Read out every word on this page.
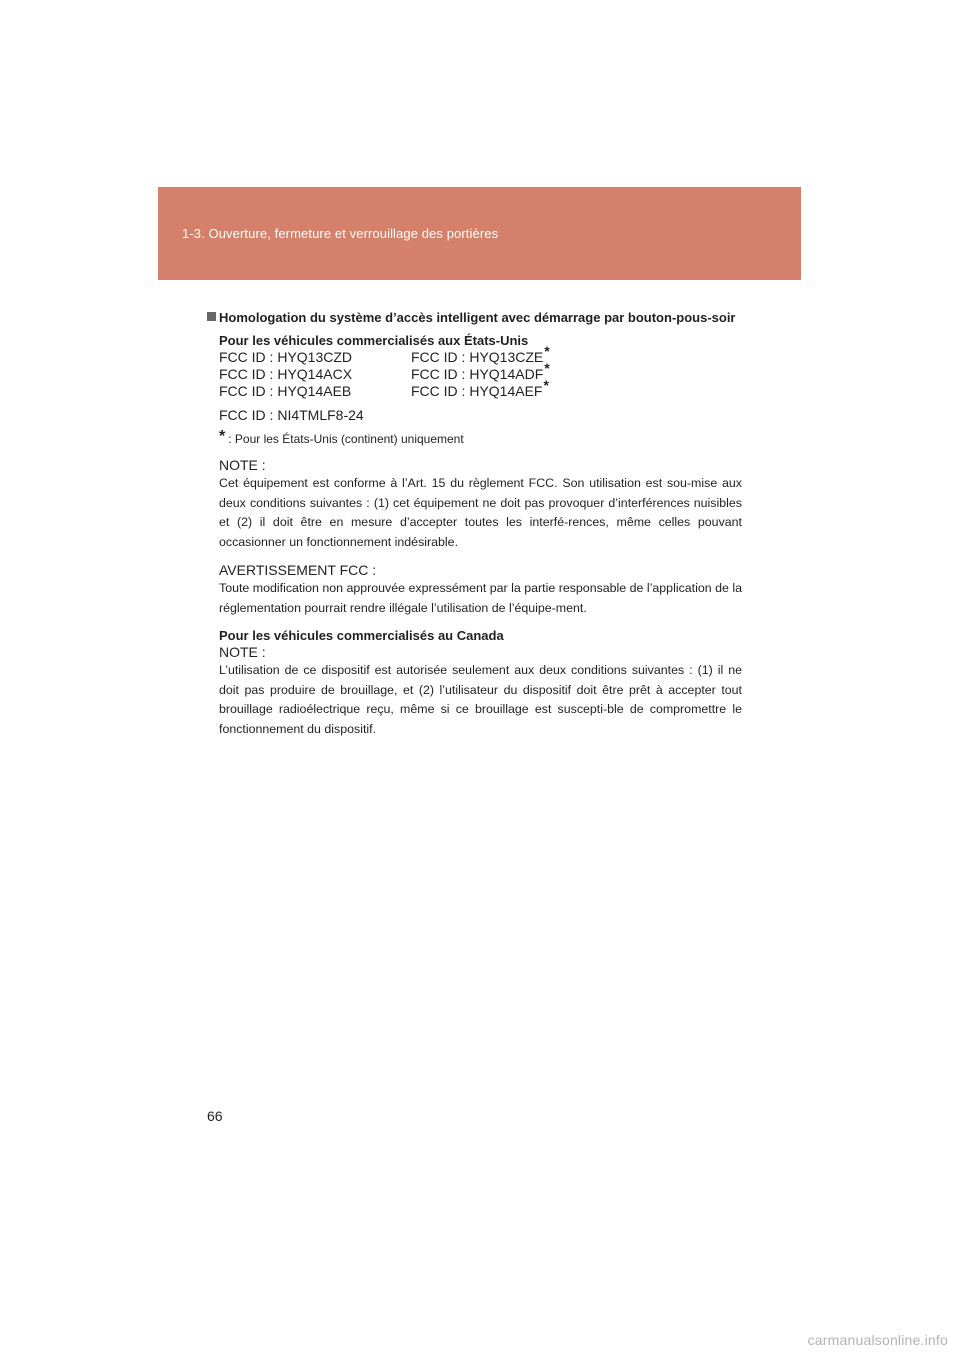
1-3. Ouverture, fermeture et verrouillage des portières
Homologation du système d’accès intelligent avec démarrage par bouton-pous-soir
Pour les véhicules commercialisés aux États-Unis
FCC ID : HYQ13CZD	FCC ID : HYQ13CZE*
FCC ID : HYQ14ACX	FCC ID : HYQ14ADF*
FCC ID : HYQ14AEB	FCC ID : HYQ14AEF*
FCC ID : NI4TMLF8-24
* : Pour les États-Unis (continent) uniquement
NOTE :

Cet équipement est conforme à l’Art. 15 du règlement FCC. Son utilisation est sou-mise aux deux conditions suivantes : (1) cet équipement ne doit pas provoquer d’interférences nuisibles et (2) il doit être en mesure d’accepter toutes les interfé-rences, même celles pouvant occasionner un fonctionnement indésirable.

AVERTISSEMENT FCC :

Toute modification non approuvée expressément par la partie responsable de l’application de la réglementation pourrait rendre illégale l’utilisation de l’équipe-ment.

Pour les véhicules commercialisés au Canada
NOTE :

L’utilisation de ce dispositif est autorisée seulement aux deux conditions suivantes : (1) il ne doit pas produire de brouillage, et (2) l’utilisateur du dispositif doit être prêt à accepter tout brouillage radioélectrique reçu, même si ce brouillage est suscepti-ble de compromettre le fonctionnement du dispositif.

66
carmanualsonline.info
